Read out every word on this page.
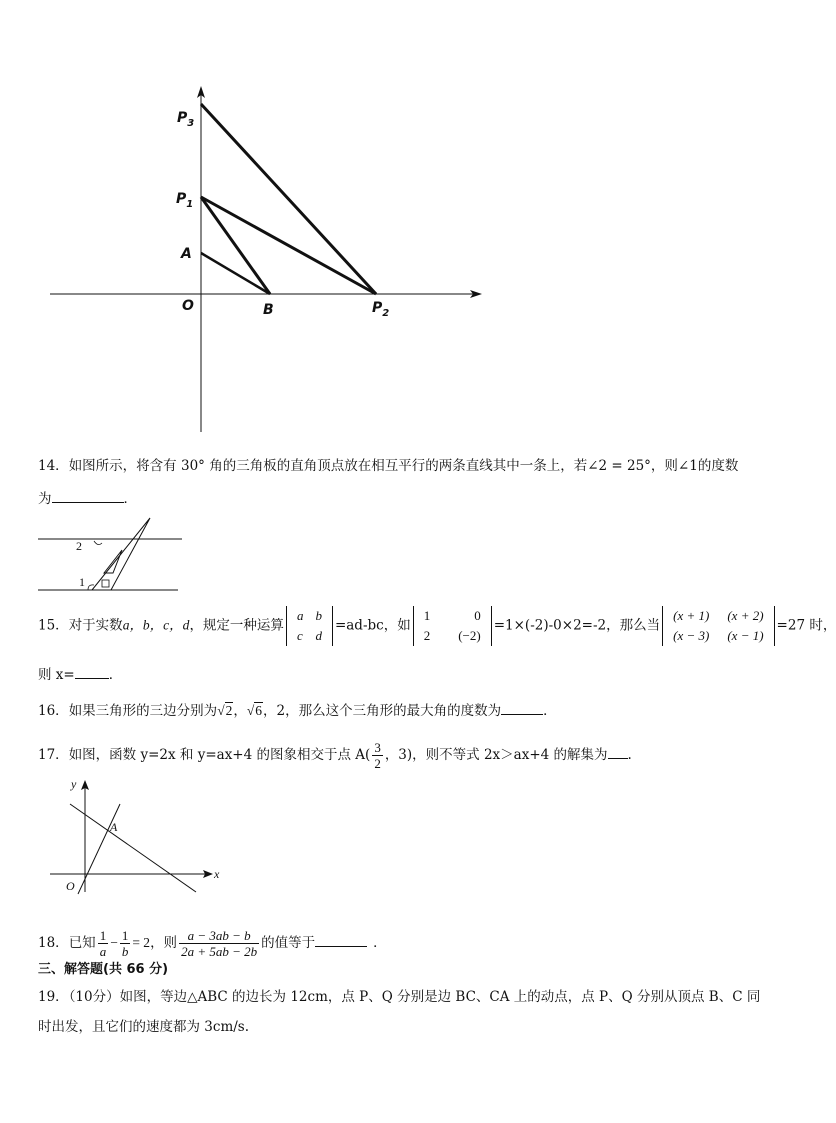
$P_3$
$P_1$
A
O	B	$P_2$
14．如图所示，将含有 30° 角的三角板的直角顶点放在相互平行的两条直线其中一条上，若∠2 = 25°，则∠1的度数
为	．
2
1
15．对于实数a，b，c，d，规定一种运算
a	b
c	d
=ad-bc，如
1	0
2	(−2)
=1×(-2)-0×2=-2，那么当
(x + 1)	(x + 2)
(x − 3)	(x − 1)
=27 时，
则 x=	．
16．如果三角形的三边分别为√2，√6，2，那么这个三角形的最大角的度数为	．
17．如图，函数 y=2x 和 y=ax+4 的图象相交于点 $A( \frac{3}{2}$ ，3)，则不等式 2x＞ax+4 的解集为 .
y
x
A
O
18．已知 $\frac{1}{a} - \frac{1}{b} = 2$，则 $\frac{a - 3ab - b}{2a + 5ab - 2b}$ 的值等于	．
三、解答题(共 66 分)
19．（10分）如图，等边△ABC 的边长为 12cm，点 P、Q 分别是边 BC、CA 上的动点，点 P、Q 分别从顶点 B、C 同
时出发，且它们的速度都为 3cm/s.
